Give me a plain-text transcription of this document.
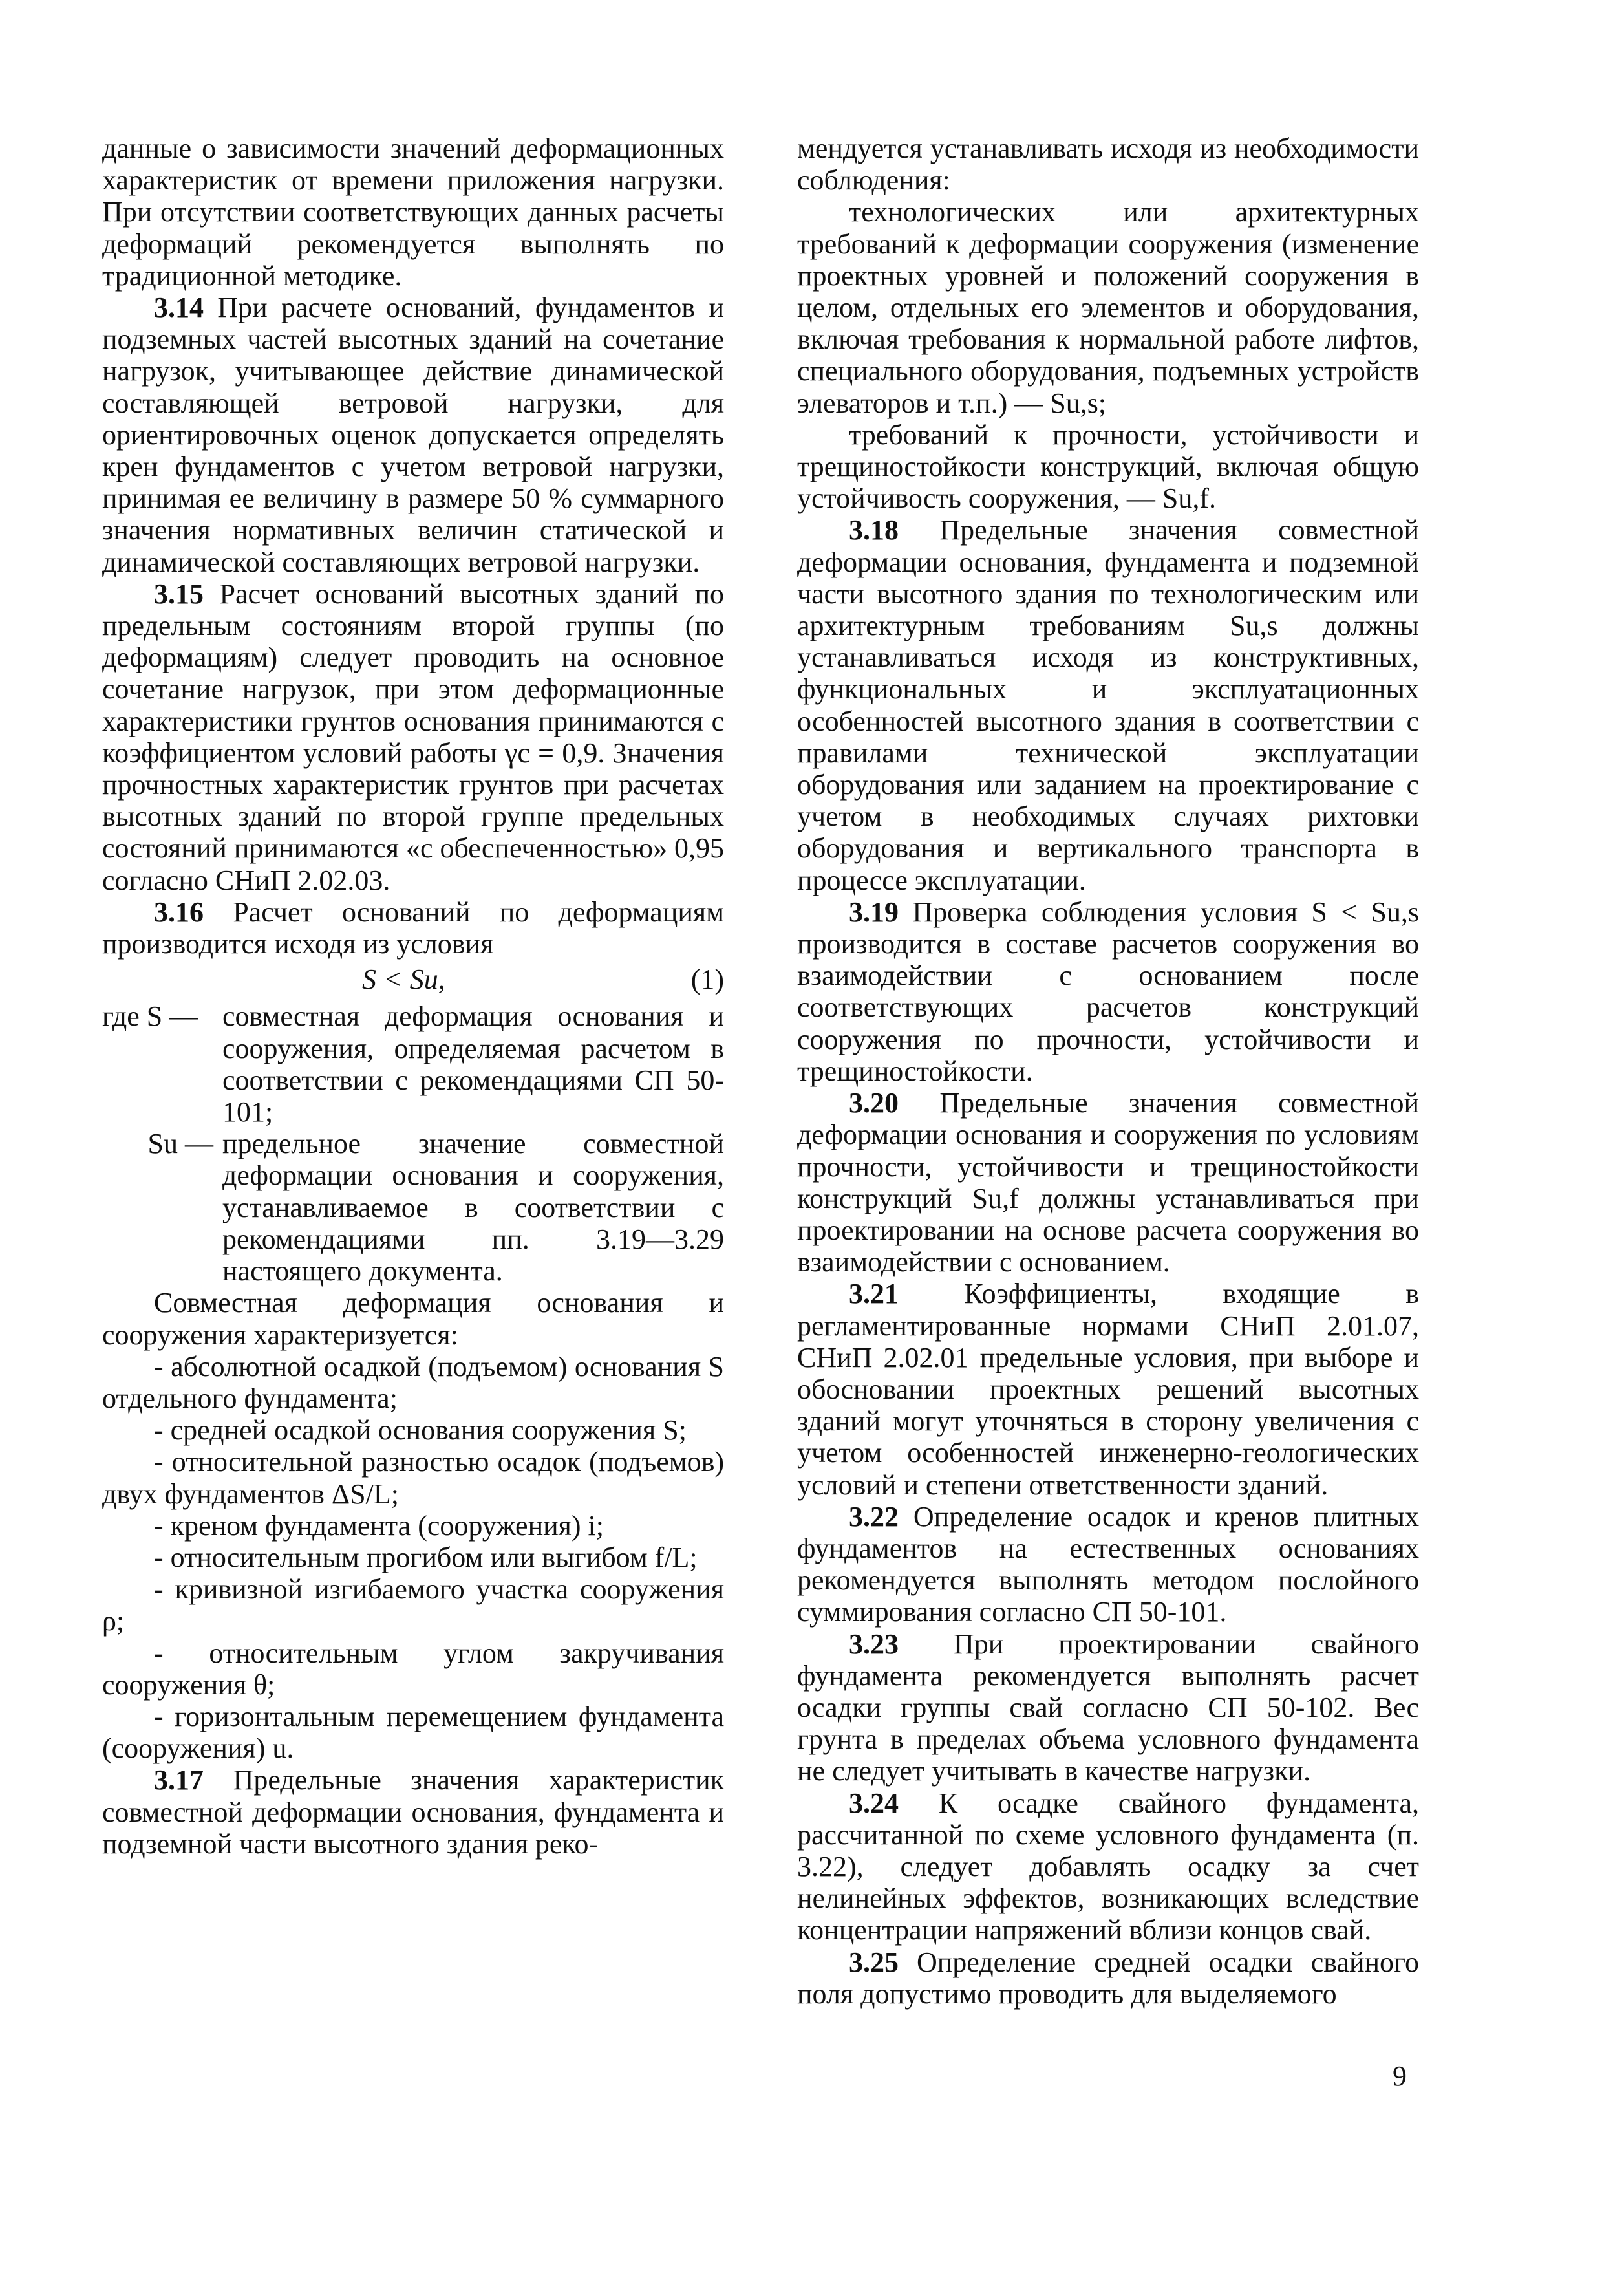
данные о зависимости значений деформационных характеристик от времени приложения нагрузки. При отсутствии соответствующих данных расчеты деформаций рекомендуется выполнять по традиционной методике.

3.14 При расчете оснований, фундаментов и подземных частей высотных зданий на сочетание нагрузок, учитывающее действие динамической составляющей ветровой нагрузки, для ориентировочных оценок допускается определять крен фундаментов с учетом ветровой нагрузки, принимая ее величину в размере 50 % суммарного значения нормативных величин статической и динамической составляющих ветровой нагрузки.

3.15 Расчет оснований высотных зданий по предельным состояниям второй группы (по деформациям) следует проводить на основное сочетание нагрузок, при этом деформационные характеристики грунтов основания принимаются с коэффициентом условий работы γc = 0,9. Значения прочностных характеристик грунтов при расчетах высотных зданий по второй группе предельных состояний принимаются «с обеспеченностью» 0,95 согласно СНиП 2.02.03.

3.16 Расчет оснований по деформациям производится исходя из условия

S < Su,	(1)
где S — совместная деформация основания и сооружения, определяемая расчетом в соответствии с рекомендациями СП 50-101;
Su — предельное значение совместной деформации основания и сооружения, устанавливаемое в соответствии с рекомендациями пп. 3.19—3.29 настоящего документа.

Совместная деформация основания и сооружения характеризуется:

- абсолютной осадкой (подъемом) основания S отдельного фундамента;

- средней осадкой основания сооружения S;

- относительной разностью осадок (подъемов) двух фундаментов ΔS/L;

- креном фундамента (сооружения) i;

- относительным прогибом или выгибом f/L;

- кривизной изгибаемого участка сооружения ρ;

- относительным углом закручивания сооружения θ;

- горизонтальным перемещением фундамента (сооружения) u.

3.17 Предельные значения характеристик совместной деформации основания, фундамента и подземной части высотного здания реко-

мендуется устанавливать исходя из необходимости соблюдения:

технологических или архитектурных требований к деформации сооружения (изменение проектных уровней и положений сооружения в целом, отдельных его элементов и оборудования, включая требования к нормальной работе лифтов, специального оборудования, подъемных устройств элеваторов и т.п.) — Su,s;

требований к прочности, устойчивости и трещиностойкости конструкций, включая общую устойчивость сооружения, — Su,f.

3.18 Предельные значения совместной деформации основания, фундамента и подземной части высотного здания по технологическим или архитектурным требованиям Su,s должны устанавливаться исходя из конструктивных, функциональных и эксплуатационных особенностей высотного здания в соответствии с правилами технической эксплуатации оборудования или заданием на проектирование с учетом в необходимых случаях рихтовки оборудования и вертикального транспорта в процессе эксплуатации.

3.19 Проверка соблюдения условия S < Su,s производится в составе расчетов сооружения во взаимодействии с основанием после соответствующих расчетов конструкций сооружения по прочности, устойчивости и трещиностойкости.

3.20 Предельные значения совместной деформации основания и сооружения по условиям прочности, устойчивости и трещиностойкости конструкций Su,f должны устанавливаться при проектировании на основе расчета сооружения во взаимодействии с основанием.

3.21 Коэффициенты, входящие в регламентированные нормами СНиП 2.01.07, СНиП 2.02.01 предельные условия, при выборе и обосновании проектных решений высотных зданий могут уточняться в сторону увеличения с учетом особенностей инженерно-геологических условий и степени ответственности зданий.

3.22 Определение осадок и кренов плитных фундаментов на естественных основаниях рекомендуется выполнять методом послойного суммирования согласно СП 50-101.

3.23 При проектировании свайного фундамента рекомендуется выполнять расчет осадки группы свай согласно СП 50-102. Вес грунта в пределах объема условного фундамента не следует учитывать в качестве нагрузки.

3.24 К осадке свайного фундамента, рассчитанной по схеме условного фундамента (п. 3.22), следует добавлять осадку за счет нелинейных эффектов, возникающих вследствие концентрации напряжений вблизи концов свай.

3.25 Определение средней осадки свайного поля допустимо проводить для выделяемого

9
